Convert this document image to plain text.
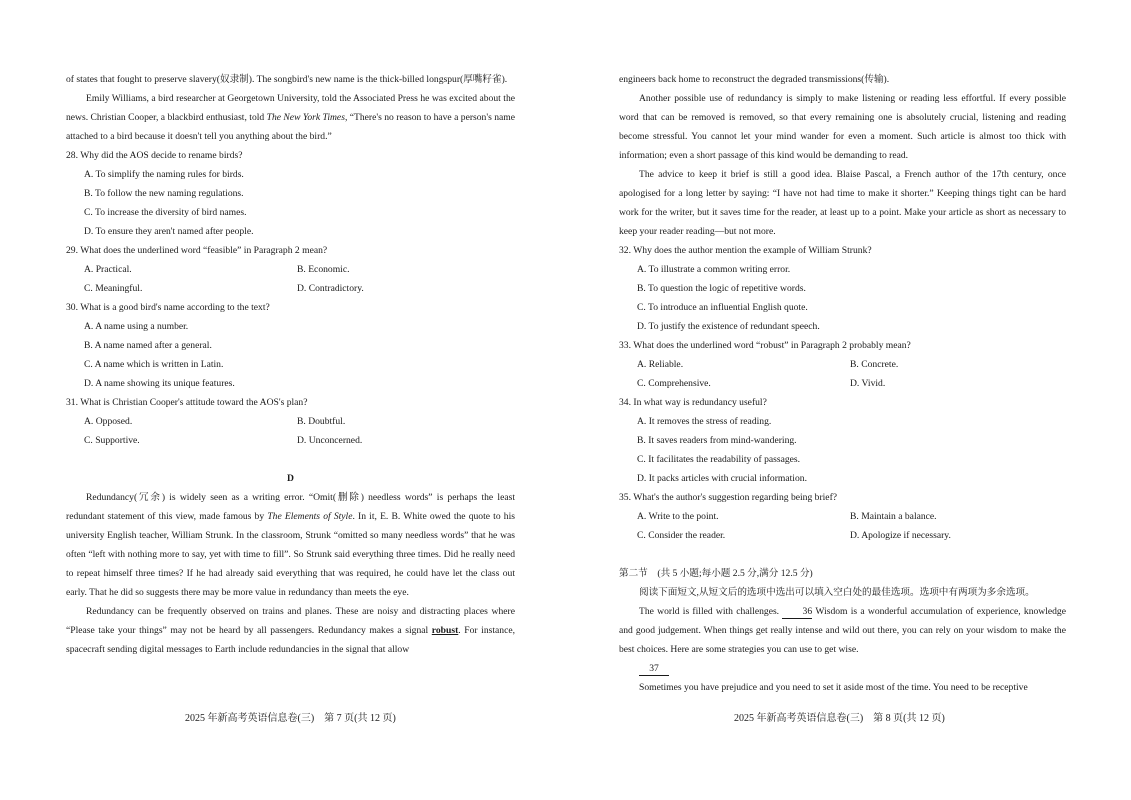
of states that fought to preserve slavery(奴隶制). The songbird's new name is the thick-billed longspur(厚嘴籽雀).

Emily Williams, a bird researcher at Georgetown University, told the Associated Press he was excited about the news. Christian Cooper, a blackbird enthusiast, told The New York Times, “There's no reason to have a person's name attached to a bird because it doesn't tell you anything about the bird.”

28. Why did the AOS decide to rename birds?
A. To simplify the naming rules for birds.
B. To follow the new naming regulations.
C. To increase the diversity of bird names.
D. To ensure they aren't named after people.
29. What does the underlined word “feasible” in Paragraph 2 mean?
A. Practical.	B. Economic.
C. Meaningful.	D. Contradictory.
30. What is a good bird's name according to the text?
A. A name using a number.
B. A name named after a general.
C. A name which is written in Latin.
D. A name showing its unique features.
31. What is Christian Cooper's attitude toward the AOS's plan?
A. Opposed.	B. Doubtful.
C. Supportive.	D. Unconcerned.
D

Redundancy(冗余) is widely seen as a writing error. “Omit(删除) needless words” is perhaps the least redundant statement of this view, made famous by The Elements of Style. In it, E. B. White owed the quote to his university English teacher, William Strunk. In the classroom, Strunk “omitted so many needless words” that he was often “left with nothing more to say, yet with time to fill”. So Strunk said everything three times. Did he really need to repeat himself three times? If he had already said everything that was required, he could have let the class out early. That he did so suggests there may be more value in redundancy than meets the eye.

Redundancy can be frequently observed on trains and planes. These are noisy and distracting places where “Please take your things” may not be heard by all passengers. Redundancy makes a signal robust. For instance, spacecraft sending digital messages to Earth include redundancies in the signal that allow

engineers back home to reconstruct the degraded transmissions(传输).

Another possible use of redundancy is simply to make listening or reading less effortful. If every possible word that can be removed is removed, so that every remaining one is absolutely crucial, listening and reading become stressful. You cannot let your mind wander for even a moment. Such article is almost too thick with information; even a short passage of this kind would be demanding to read.

The advice to keep it brief is still a good idea. Blaise Pascal, a French author of the 17th century, once apologised for a long letter by saying: “I have not had time to make it shorter.” Keeping things tight can be hard work for the writer, but it saves time for the reader, at least up to a point. Make your article as short as necessary to keep your reader reading—but not more.

32. Why does the author mention the example of William Strunk?
A. To illustrate a common writing error.
B. To question the logic of repetitive words.
C. To introduce an influential English quote.
D. To justify the existence of redundant speech.
33. What does the underlined word “robust” in Paragraph 2 probably mean?
A. Reliable.	B. Concrete.
C. Comprehensive.	D. Vivid.
34. In what way is redundancy useful?
A. It removes the stress of reading.
B. It saves readers from mind-wandering.
C. It facilitates the readability of passages.
D. It packs articles with crucial information.
35. What's the author's suggestion regarding being brief?
A. Write to the point.	B. Maintain a balance.
C. Consider the reader.	D. Apologize if necessary.
第二节　(共 5 小题;每小题 2.5 分,满分 12.5 分)
阅读下面短文,从短文后的选项中选出可以填入空白处的最佳选项。选项中有两项为多余选项。

The world is filled with challenges. 36 Wisdom is a wonderful accumulation of experience, knowledge and good judgement. When things get really intense and wild out there, you can rely on your wisdom to make the best choices. Here are some strategies you can use to get wise.

37

Sometimes you have prejudice and you need to set it aside most of the time. You need to be receptive

2025 年新高考英语信息卷(三)　第 7 页(共 12 页)	2025 年新高考英语信息卷(三)　第 8 页(共 12 页)
